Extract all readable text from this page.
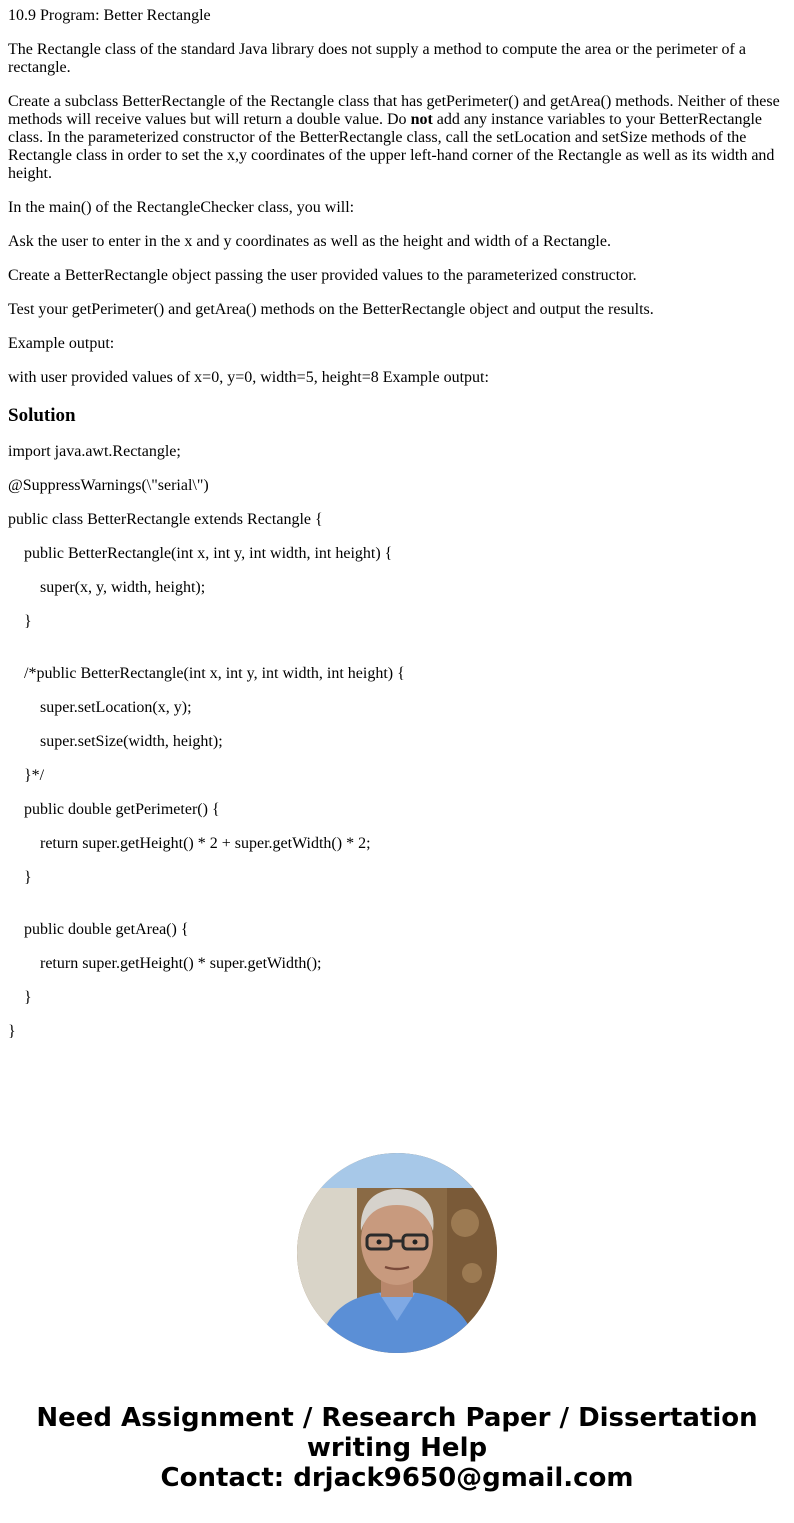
10.9 Program: Better Rectangle

The Rectangle class of the standard Java library does not supply a method to compute the area or the perimeter of a rectangle.

Create a subclass BetterRectangle of the Rectangle class that has getPerimeter() and getArea() methods. Neither of these methods will receive values but will return a double value. Do not add any instance variables to your BetterRectangle class. In the parameterized constructor of the BetterRectangle class, call the setLocation and setSize methods of the Rectangle class in order to set the x,y coordinates of the upper left-hand corner of the Rectangle as well as its width and height.

In the main() of the RectangleChecker class, you will:

Ask the user to enter in the x and y coordinates as well as the height and width of a Rectangle.

Create a BetterRectangle object passing the user provided values to the parameterized constructor.

Test your getPerimeter() and getArea() methods on the BetterRectangle object and output the results.

Example output:

with user provided values of x=0, y=0, width=5, height=8 Example output:

Solution

import java.awt.Rectangle;

@SuppressWarnings(\"serial\")

public class BetterRectangle extends Rectangle {

public BetterRectangle(int x, int y, int width, int height) {

super(x, y, width, height);

}

/*public BetterRectangle(int x, int y, int width, int height) {

super.setLocation(x, y);

super.setSize(width, height);

}*/

public double getPerimeter() {

return super.getHeight() * 2 + super.getWidth() * 2;

}

public double getArea() {

return super.getHeight() * super.getWidth();

}

}

Need Assignment / Research Paper / Dissertation
writing Help
Contact: drjack9650@gmail.com
